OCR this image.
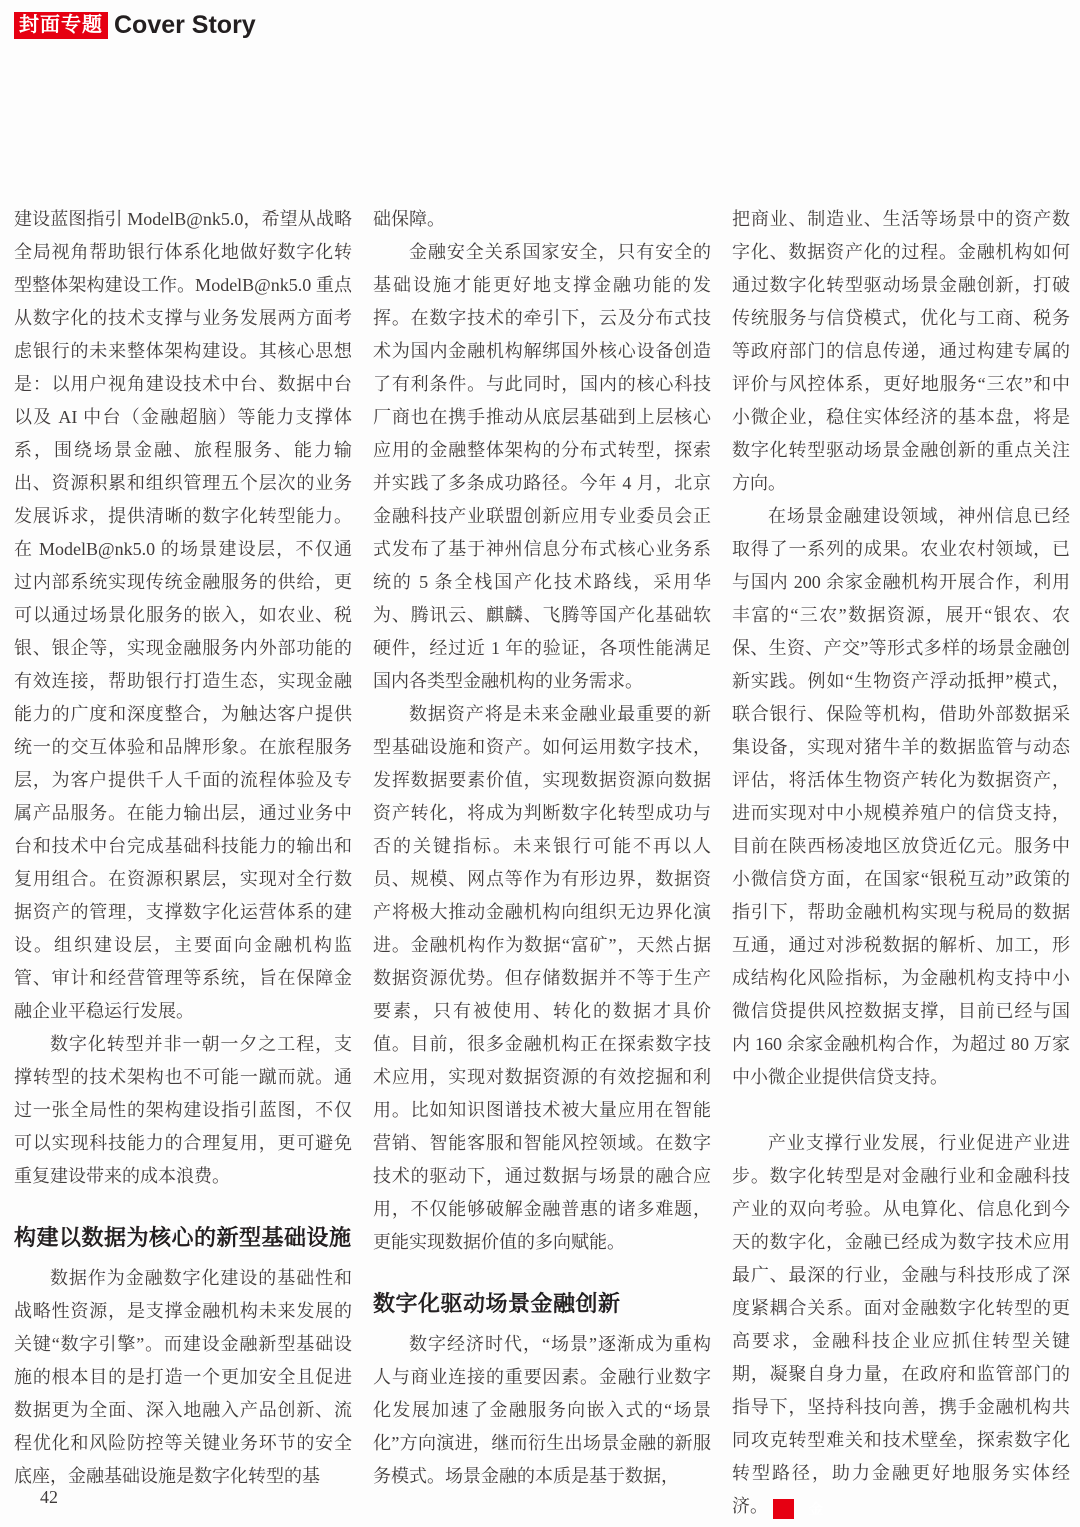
封面专题 Cover Story

建设蓝图指引 ModelB@nk5.0，希望从战略全局视角帮助银行体系化地做好数字化转型整体架构建设工作。ModelB@nk5.0 重点从数字化的技术支撑与业务发展两方面考虑银行的未来整体架构建设。其核心思想是：以用户视角建设技术中台、数据中台以及 AI 中台（金融超脑）等能力支撑体系，围绕场景金融、旅程服务、能力输出、资源积累和组织管理五个层次的业务发展诉求，提供清晰的数字化转型能力。在 ModelB@nk5.0 的场景建设层，不仅通过内部系统实现传统金融服务的供给，更可以通过场景化服务的嵌入，如农业、税银、银企等，实现金融服务内外部功能的有效连接，帮助银行打造生态，实现金融能力的广度和深度整合，为触达客户提供统一的交互体验和品牌形象。在旅程服务层，为客户提供千人千面的流程体验及专属产品服务。在能力输出层，通过业务中台和技术中台完成基础科技能力的输出和复用组合。在资源积累层，实现对全行数据资产的管理，支撑数字化运营体系的建设。组织建设层，主要面向金融机构监管、审计和经营管理等系统，旨在保障金融企业平稳运行发展。

数字化转型并非一朝一夕之工程，支撑转型的技术架构也不可能一蹴而就。通过一张全局性的架构建设指引蓝图，不仅可以实现科技能力的合理复用，更可避免重复建设带来的成本浪费。

构建以数据为核心的新型基础设施

数据作为金融数字化建设的基础性和战略性资源，是支撑金融机构未来发展的关键“数字引擎”。而建设金融新型基础设施的根本目的是打造一个更加安全且促进数据更为全面、深入地融入产品创新、流程优化和风险防控等关键业务环节的安全底座，金融基础设施是数字化转型的基

础保障。

金融安全关系国家安全，只有安全的基础设施才能更好地支撑金融功能的发挥。在数字技术的牵引下，云及分布式技术为国内金融机构解绑国外核心设备创造了有利条件。与此同时，国内的核心科技厂商也在携手推动从底层基础到上层核心应用的金融整体架构的分布式转型，探索并实践了多条成功路径。今年 4 月，北京金融科技产业联盟创新应用专业委员会正式发布了基于神州信息分布式核心业务系统的 5 条全栈国产化技术路线，采用华为、腾讯云、麒麟、飞腾等国产化基础软硬件，经过近 1 年的验证，各项性能满足国内各类型金融机构的业务需求。

数据资产将是未来金融业最重要的新型基础设施和资产。如何运用数字技术，发挥数据要素价值，实现数据资源向数据资产转化，将成为判断数字化转型成功与否的关键指标。未来银行可能不再以人员、规模、网点等作为有形边界，数据资产将极大推动金融机构向组织无边界化演进。金融机构作为数据“富矿”，天然占据数据资源优势。但存储数据并不等于生产要素，只有被使用、转化的数据才具价值。目前，很多金融机构正在探索数字技术应用，实现对数据资源的有效挖掘和利用。比如知识图谱技术被大量应用在智能营销、智能客服和智能风控领域。在数字技术的驱动下，通过数据与场景的融合应用，不仅能够破解金融普惠的诸多难题，更能实现数据价值的多向赋能。

数字化驱动场景金融创新

数字经济时代，“场景”逐渐成为重构人与商业连接的重要因素。金融行业数字化发展加速了金融服务向嵌入式的“场景化”方向演进，继而衍生出场景金融的新服务模式。场景金融的本质是基于数据，

把商业、制造业、生活等场景中的资产数字化、数据资产化的过程。金融机构如何通过数字化转型驱动场景金融创新，打破传统服务与信贷模式，优化与工商、税务等政府部门的信息传递，通过构建专属的评价与风控体系，更好地服务“三农”和中小微企业，稳住实体经济的基本盘，将是数字化转型驱动场景金融创新的重点关注方向。

在场景金融建设领域，神州信息已经取得了一系列的成果。农业农村领域，已与国内 200 余家金融机构开展合作，利用丰富的“三农”数据资源，展开“银农、农保、生资、产交”等形式多样的场景金融创新实践。例如“生物资产浮动抵押”模式，联合银行、保险等机构，借助外部数据采集设备，实现对猪牛羊的数据监管与动态评估，将活体生物资产转化为数据资产，进而实现对中小规模养殖户的信贷支持，目前在陕西杨凌地区放贷近亿元。服务中小微信贷方面，在国家“银税互动”政策的指引下，帮助金融机构实现与税局的数据互通，通过对涉税数据的解析、加工，形成结构化风险指标，为金融机构支持中小微信贷提供风控数据支撑，目前已经与国内 160 余家金融机构合作，为超过 80 万家中小微企业提供信贷支持。

产业支撑行业发展，行业促进产业进步。数字化转型是对金融行业和金融科技产业的双向考验。从电算化、信息化到今天的数字化，金融已经成为数字技术应用最广、最深的行业，金融与科技形成了深度紧耦合关系。面对金融数字化转型的更高要求，金融科技企业应抓住转型关键期，凝聚自身力量，在政府和监管部门的指导下，坚持科技向善，携手金融机构共同攻克转型难关和技术壁垒，探索数字化转型路径，助力金融更好地服务实体经济。	金

42
